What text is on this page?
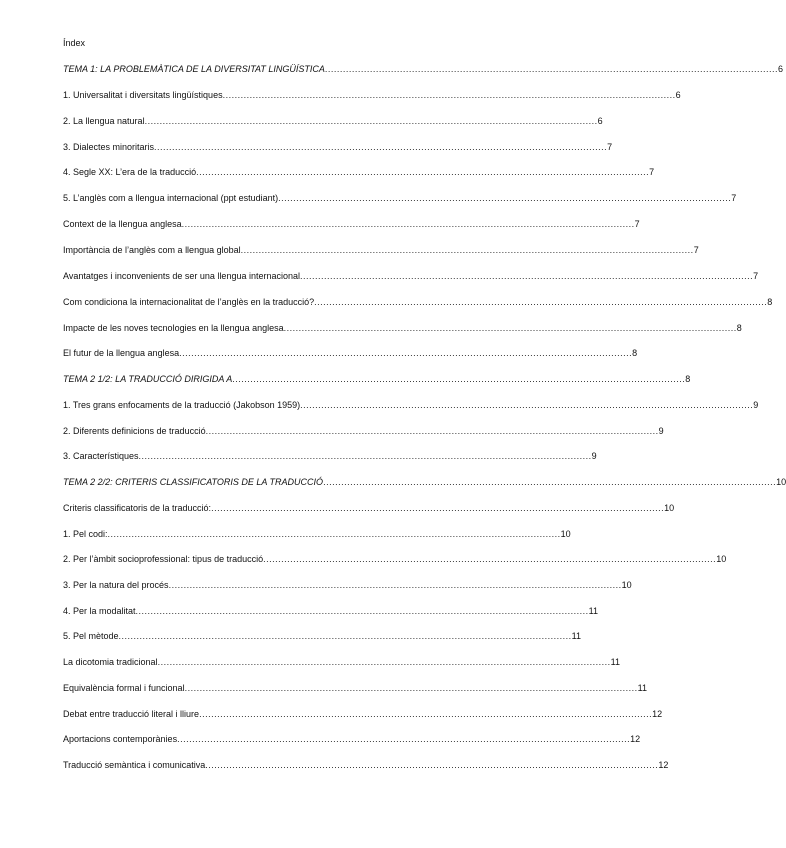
Índex
TEMA 1: LA PROBLEMÀTICA DE LA DIVERSITAT LINGÜÍSTICA ....................................................................................................................................................... 6
1. Universalitat i diversitats lingüístiques ....................................................................................................................................................... 6
2. La llengua natural ....................................................................................................................................................... 6
3. Dialectes minoritaris ....................................................................................................................................................... 7
4. Segle XX: L’era de la traducció ....................................................................................................................................................... 7
5. L’anglès com a llengua internacional (ppt estudiant) ....................................................................................................................................................... 7
Context de la llengua anglesa ....................................................................................................................................................... 7
Importància de l’anglès com a llengua global ....................................................................................................................................................... 7
Avantatges i inconvenients de ser una llengua internacional ....................................................................................................................................................... 7
Com condiciona la internacionalitat de l’anglès en la traducció? ....................................................................................................................................................... 8
Impacte de les noves tecnologies en la llengua anglesa ....................................................................................................................................................... 8
El futur de la llengua anglesa ....................................................................................................................................................... 8
TEMA 2 1/2: LA TRADUCCIÓ DIRIGIDA A ....................................................................................................................................................... 8
1. Tres grans enfocaments de la traducció (Jakobson 1959) ....................................................................................................................................................... 9
2. Diferents definicions de traducció ....................................................................................................................................................... 9
3. Característiques ....................................................................................................................................................... 9
TEMA 2 2/2: CRITERIS CLASSIFICATORIS DE LA TRADUCCIÓ ....................................................................................................................................................... 10
Criteris classificatoris de la traducció: ....................................................................................................................................................... 10
1. Pel codi: ....................................................................................................................................................... 10
2. Per l’àmbit socioprofessional: tipus de traducció ....................................................................................................................................................... 10
3. Per la natura del procés ....................................................................................................................................................... 10
4. Per la modalitat ....................................................................................................................................................... 11
5. Pel mètode ....................................................................................................................................................... 11
La dicotomia tradicional ....................................................................................................................................................... 11
Equivalència formal i funcional ....................................................................................................................................................... 11
Debat entre traducció literal i lliure ....................................................................................................................................................... 12
Aportacions contemporànies ....................................................................................................................................................... 12
Traducció semàntica i comunicativa ....................................................................................................................................................... 12
